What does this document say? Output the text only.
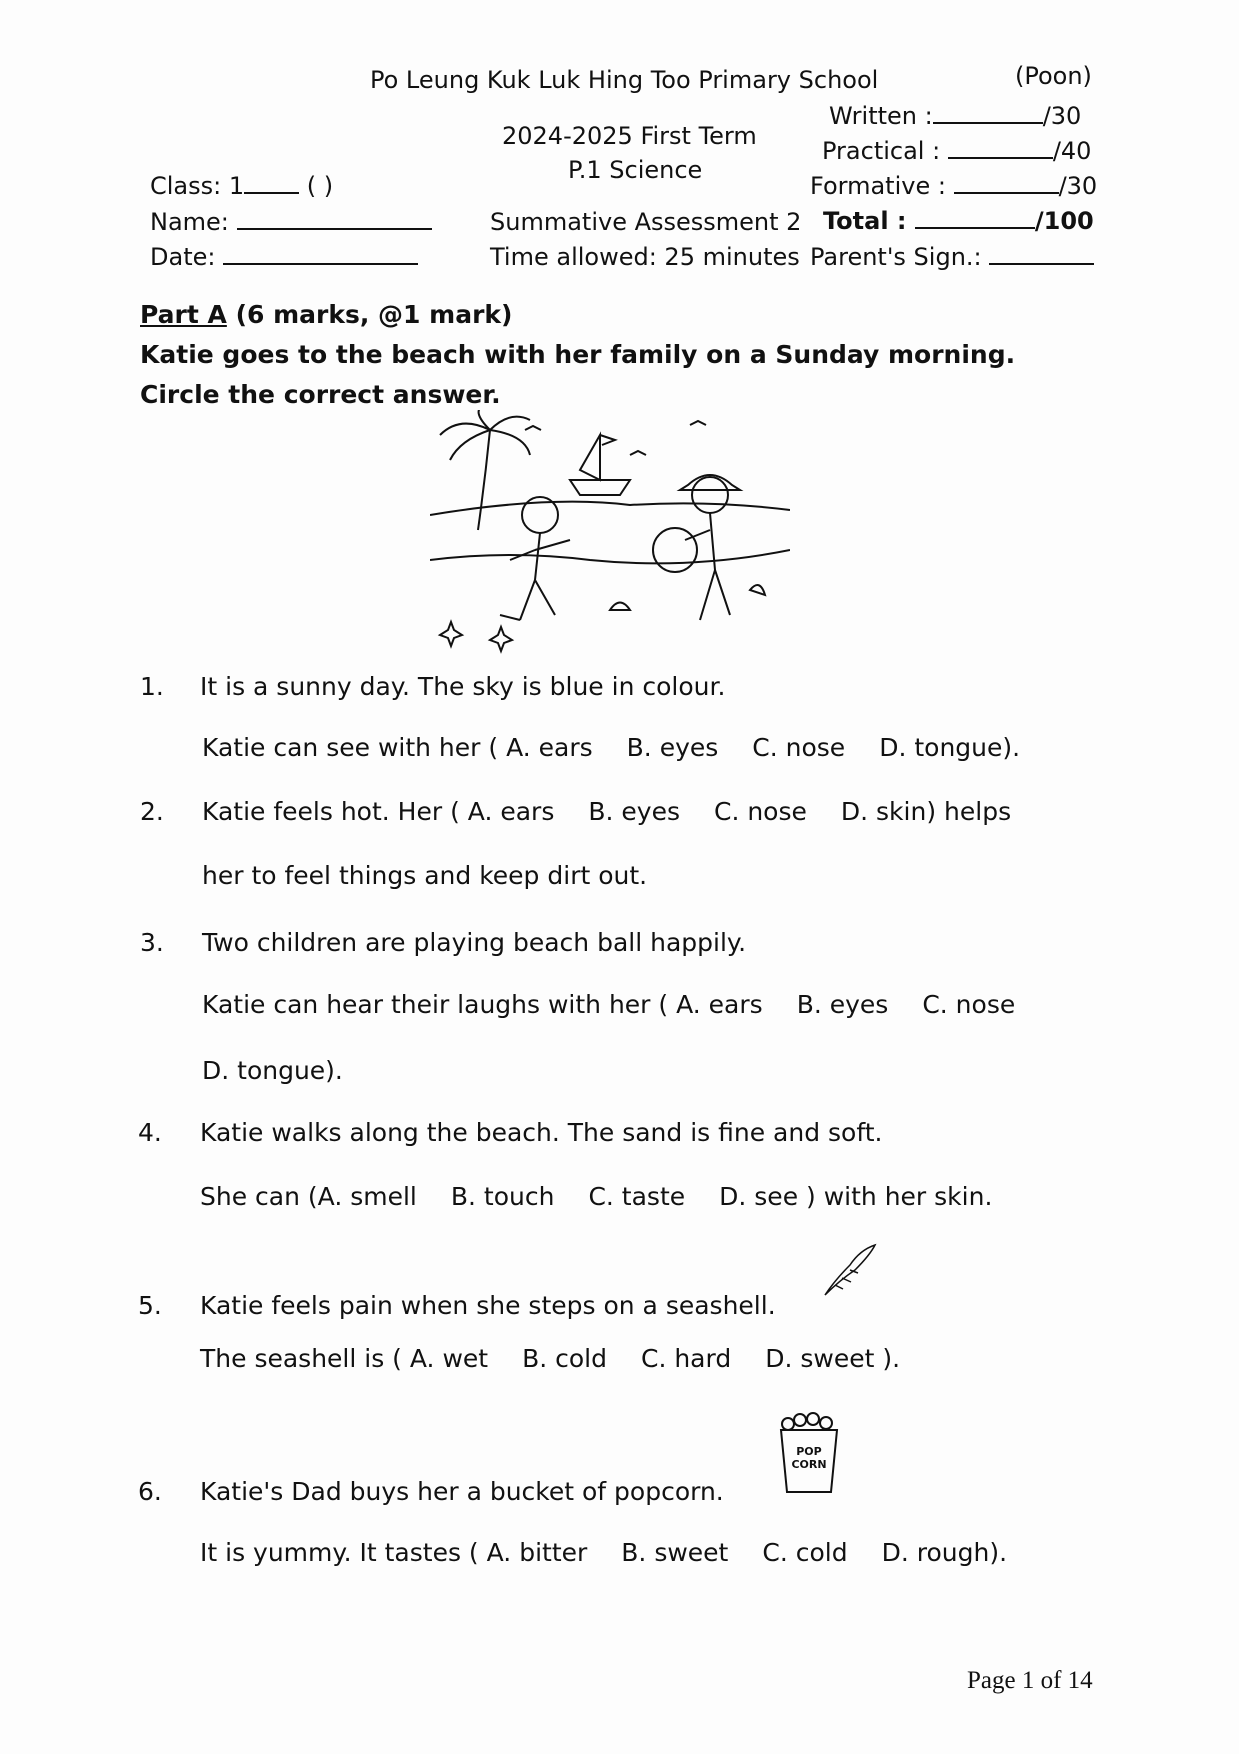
Po Leung Kuk Luk Hing Too Primary School	(Poon)
2024-2025 First Term
P.1 Science
Summative Assessment 2
Time allowed: 25 minutes
Class: 1	( )
Name:
Date:
Written :	/30
Practical :	/40
Formative :	/30
Total :	/100
Parent's Sign.:
Part A (6 marks, @1 mark)
Katie goes to the beach with her family on a Sunday morning.
Circle the correct answer.
1. It is a sunny day. The sky is blue in colour.
Katie can see with her ( A. ears B. eyes C. nose D. tongue).
2. Katie feels hot. Her ( A. ears B. eyes C. nose D. skin) helps
her to feel things and keep dirt out.
3. Two children are playing beach ball happily.
Katie can hear their laughs with her ( A. ears B. eyes C. nose
D. tongue).
4. Katie walks along the beach. The sand is fine and soft.
She can (A. smell B. touch C. taste D. see ) with her skin.
5. Katie feels pain when she steps on a seashell.
The seashell is ( A. wet B. cold C. hard D. sweet ).
POP CORN
6. Katie's Dad buys her a bucket of popcorn.
It is yummy. It tastes ( A. bitter B. sweet C. cold D. rough).
Page 1 of 14
